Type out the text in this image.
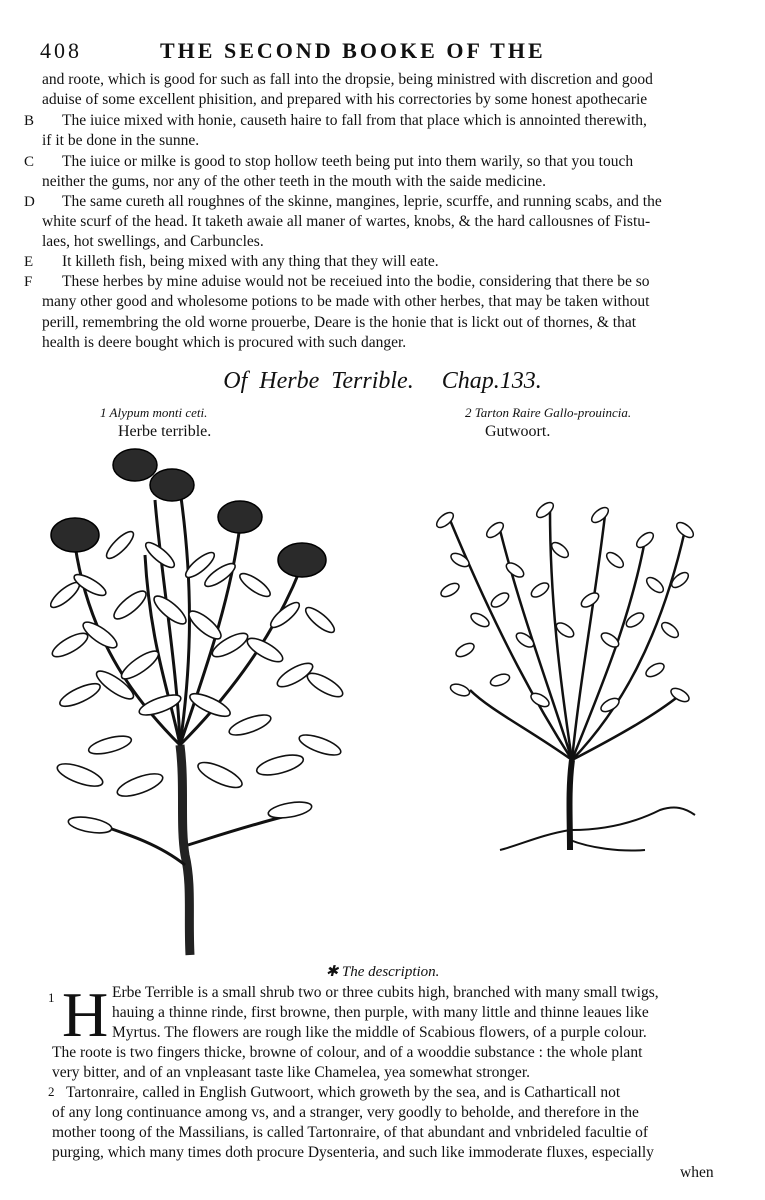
408	THE SECOND BOOKE OF THE
and roote, which is good for such as fall into the dropsie, being ministred with discretion and good
aduise of some excellent phisition, and prepared with his correctories by some honest apothecarie
The iuice mixed with honie, causeth haire to fall from that place which is annointed therewith,
if it be done in the sunne.
The iuice or milke is good to stop hollow teeth being put into them warily, so that you touch
neither the gums, nor any of the other teeth in the mouth with the saide medicine.
The same cureth all roughnes of the skinne, mangines, leprie, scurffe, and running scabs, and the
white scurf of the head. It taketh awaie all maner of wartes, knobs, & the hard callousnes of Fistu-
laes, hot swellings, and Carbuncles.
It killeth fish, being mixed with any thing that they will eate.
These herbes by mine aduise would not be receiued into the bodie, considering that there be so
many other good and wholesome potions to be made with other herbes, that may be taken without
perill, remembring the old worne prouerbe, Deare is the honie that is lickt out of thornes, & that
health is deere bought which is procured with such danger.
B
C
D
E
F
Of Herbe Terrible. Chap.133.
1 Alypum monti ceti.
Herbe terrible.
2 Tarton Raire Gallo-prouincia.
Gutwoort.
✱ The description.
1 H Erbe Terrible is a small shrub two or three cubits high, branched with many small twigs,
hauing a thinne rinde, first browne, then purple, with many little and thinne leaues like
Myrtus. The flowers are rough like the middle of Scabious flowers, of a purple colour.
The roote is two fingers thicke, browne of colour, and of a wooddie substance : the whole plant
very bitter, and of an vnpleasant taste like Chamelea, yea somewhat stronger.
2 Tartonraire, called in English Gutwoort, which groweth by the sea, and is Catharticall not
of any long continuance among vs, and a stranger, very goodly to beholde, and therefore in the
mother toong of the Massilians, is called Tartonraire, of that abundant and vnbrideled facultie of
purging, which many times doth procure Dysenteria, and such like immoderate fluxes, especially
when
